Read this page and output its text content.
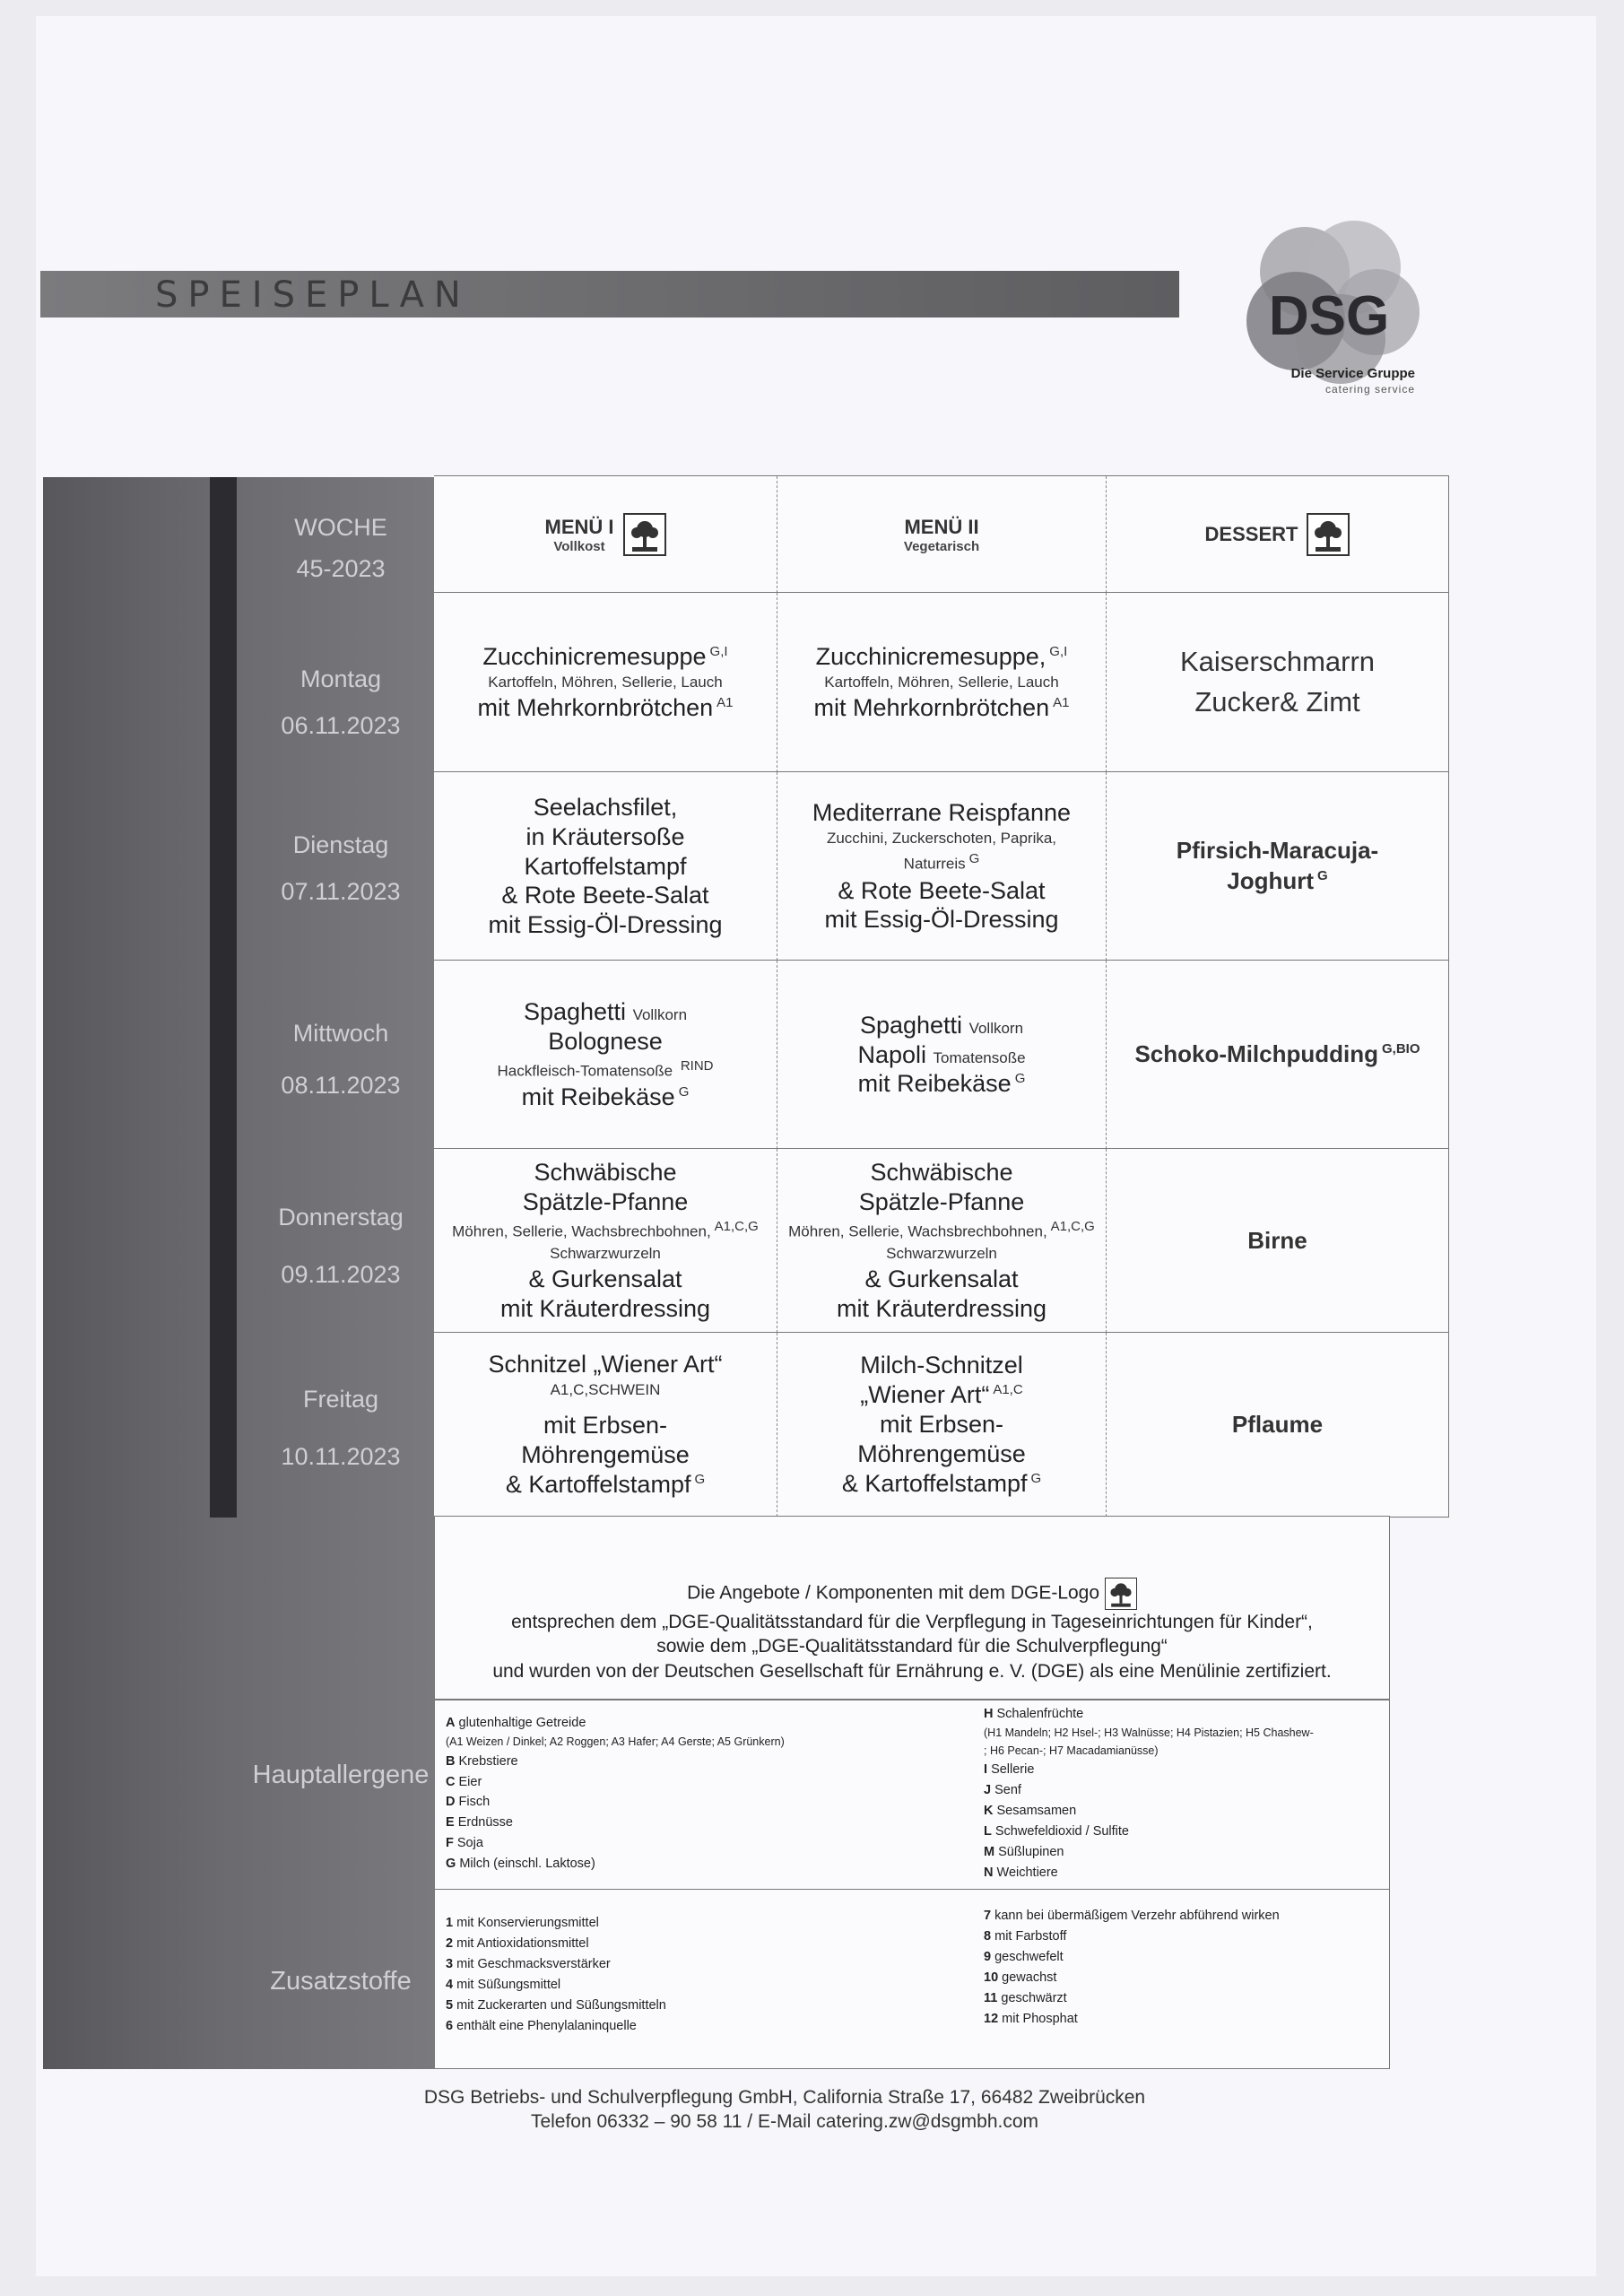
SPEISEPLAN	DSG
Die Service Gruppe
catering service
WOCHE
45-2023
Montag
06.11.2023
Dienstag
07.11.2023
Mittwoch
08.11.2023
Donnerstag
09.11.2023
Freitag
10.11.2023
Hauptallergene
Zusatzstoffe
MENÜ I
Vollkost
MENÜ II
Vegetarisch
DESSERT
Zucchinicremesuppe $^{G,I}$
Kartoffeln, Möhren, Sellerie, Lauch
mit Mehrkornbrötchen $^{A1}$
Zucchinicremesuppe, $^{G,I}$
Kartoffeln, Möhren, Sellerie, Lauch
mit Mehrkornbrötchen $^{A1}$
Kaiserschmarrn
Zucker& Zimt
Seelachsfilet,
in Kräutersoße
Kartoffelstampf
& Rote Beete-Salat
mit Essig-Öl-Dressing
Mediterrane Reispfanne
Zucchini, Zuckerschoten, Paprika,
Naturreis G
& Rote Beete-Salat
mit Essig-Öl-Dressing
Pfirsich-Maracuja-
Joghurt $^G$
Spaghetti Vollkorn
Bolognese
Hackfleisch-Tomatensoße RIND
mit Reibekäse $^G$
Spaghetti Vollkorn
Napoli Tomatensoße
mit Reibekäse $^G$
Schoko-Milchpudding $^{G,BIO}$
Schwäbische
Spätzle-Pfanne
Möhren, Sellerie, Wachsbrechbohnen, A1,C,G
Schwarzwurzeln
& Gurkensalat
mit Kräuterdressing
Schwäbische
Spätzle-Pfanne
Möhren, Sellerie, Wachsbrechbohnen, A1,C,G
Schwarzwurzeln
& Gurkensalat
mit Kräuterdressing
Birne
Schnitzel „Wiener Art“
A1,C,SCHWEIN
mit Erbsen-
Möhrengemüse
& Kartoffelstampf $^G$
Milch-Schnitzel
„Wiener Art“ $^{A1,C}$
mit Erbsen-
Möhrengemüse
& Kartoffelstampf $^G$
Pflaume
Die Angebote / Komponenten mit dem DGE-Logo
entsprechen dem „DGE-Qualitätsstandard für die Verpflegung in Tageseinrichtungen für Kinder“,
sowie dem „DGE-Qualitätsstandard für die Schulverpflegung“
und wurden von der Deutschen Gesellschaft für Ernährung e. V. (DGE) als eine Menülinie zertifiziert.
A glutenhaltige Getreide
(A1 Weizen / Dinkel; A2 Roggen; A3 Hafer; A4 Gerste; A5 Grünkern)
B Krebstiere
C Eier
D Fisch
E Erdnüsse
F Soja
G Milch (einschl. Laktose)
H Schalenfrüchte
(H1 Mandeln; H2 Hsel-; H3 Walnüsse; H4 Pistazien; H5 Chashew-
; H6 Pecan-; H7 Macadamianüsse)
I Sellerie
J Senf
K Sesamsamen
L Schwefeldioxid / Sulfite
M Süßlupinen
N Weichtiere
1 mit Konservierungsmittel
2 mit Antioxidationsmittel
3 mit Geschmacksverstärker
4 mit Süßungsmittel
5 mit Zuckerarten und Süßungsmitteln
6 enthält eine Phenylalaninquelle
7 kann bei übermäßigem Verzehr abführend wirken
8 mit Farbstoff
9 geschwefelt
10 gewachst
11 geschwärzt
12 mit Phosphat
DSG Betriebs- und Schulverpflegung GmbH, California Straße 17, 66482 Zweibrücken
Telefon 06332 – 90 58 11 / E-Mail catering.zw@dsgmbh.com
